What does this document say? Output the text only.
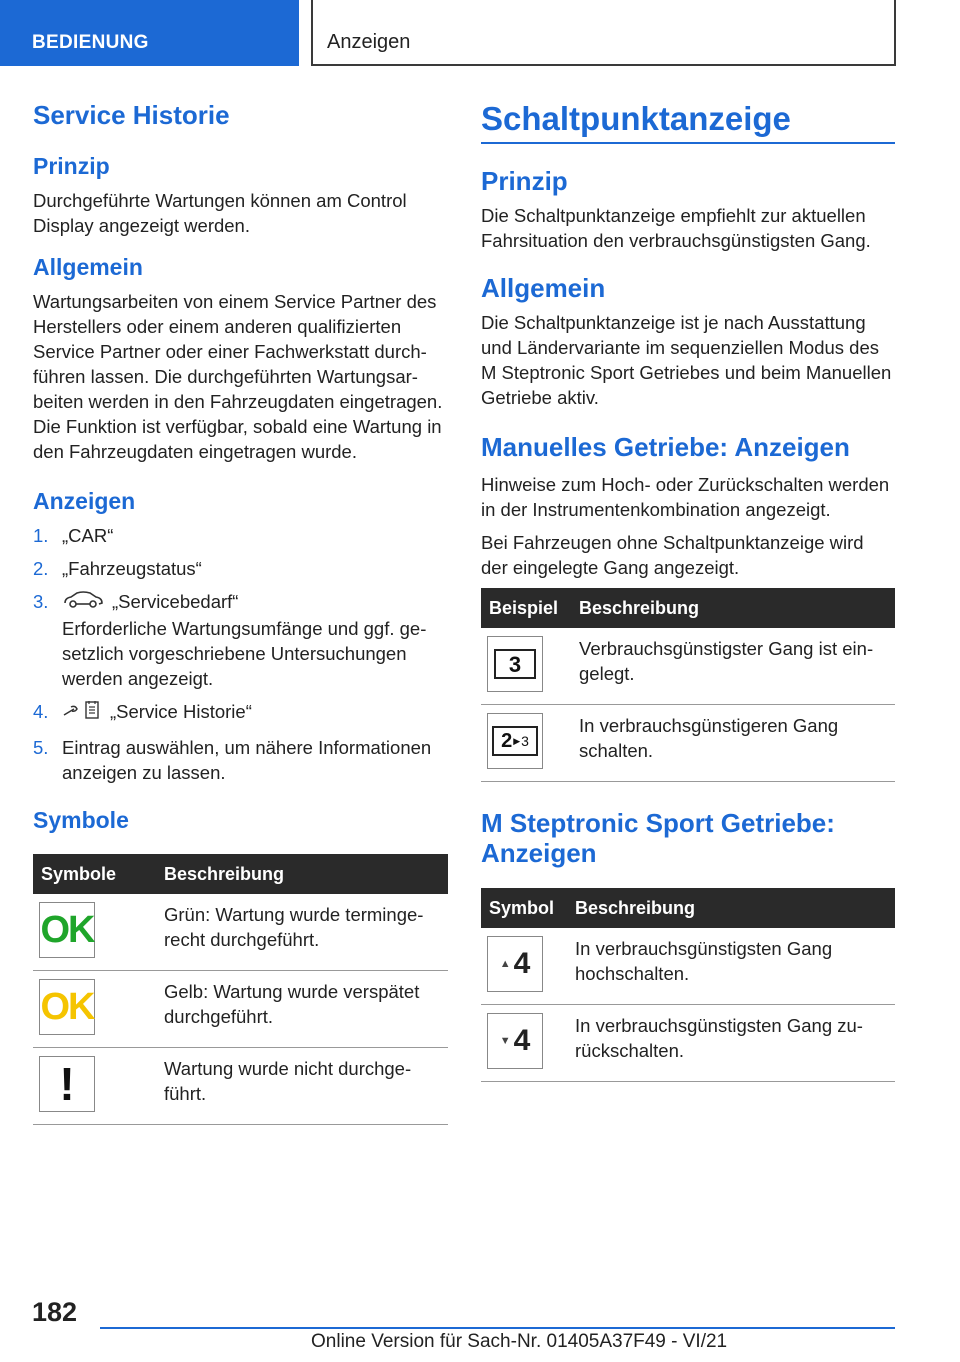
BEDIENUNG	Anzeigen
Service Historie
Prinzip

Durchgeführte Wartungen können am Control Display angezeigt werden.

Allgemein

Wartungsarbeiten von einem Service Partner des Herstellers oder einem anderen qualifizierten Service Partner oder einer Fachwerkstatt durchführen lassen. Die durchgeführten Wartungsarbeiten werden in den Fahrzeugdaten eingetragen. Die Funktion ist verfügbar, sobald eine Wartung in den Fahrzeugdaten eingetragen wurde.

Anzeigen
1. „CAR“
2. „Fahrzeugstatus“
3.	„Servicebedarf“
Erforderliche Wartungsumfänge und ggf. gesetzlich vorgeschriebene Untersuchungen werden angezeigt.
4.	„Service Historie“
5. Eintrag auswählen, um nähere Informationen anzeigen zu lassen.
Symbole
Symbole	Beschreibung

OK	Grün: Wartung wurde termingerecht durchgeführt.

OK	Gelb: Wartung wurde verspätet durchgeführt.

!	Wartung wurde nicht durchgeführt.
Schaltpunktanzeige
Prinzip

Die Schaltpunktanzeige empfiehlt zur aktuellen Fahrsituation den verbrauchsgünstigsten Gang.

Allgemein

Die Schaltpunktanzeige ist je nach Ausstattung und Ländervariante im sequenziellen Modus des M Steptronic Sport Getriebes und beim Manuellen Getriebe aktiv.

Manuelles Getriebe: Anzeigen

Hinweise zum Hoch- oder Zurückschalten werden in der Instrumentenkombination angezeigt.

Bei Fahrzeugen ohne Schaltpunktanzeige wird der eingelegte Gang angezeigt.

Beispiel	Beschreibung

3	Verbrauchsgünstigster Gang ist eingelegt.

2 ▶ 3	In verbrauchsgünstigeren Gang schalten.
M Steptronic Sport Getriebe: Anzeigen
Symbol	Beschreibung

▲ 4	In verbrauchsgünstigsten Gang hochschalten.

▼ 4	In verbrauchsgünstigsten Gang zurückschalten.
182
Online Version für Sach-Nr. 01405A37F49 - VI/21
